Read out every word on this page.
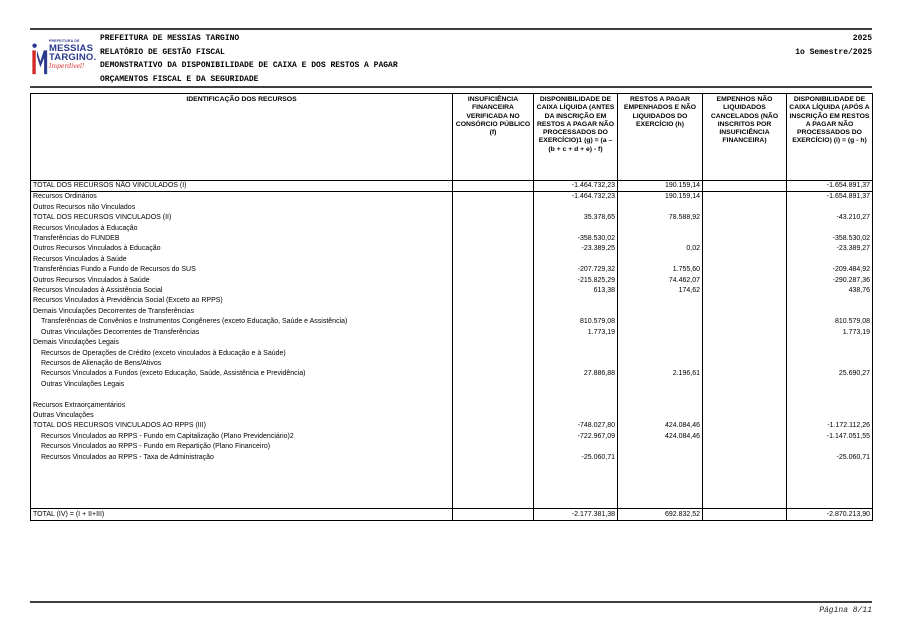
PREFEITURA DE
MESSIAS
TARGINO.
Imperdível!
PREFEITURA DE MESSIAS TARGINO
RELATÓRIO DE GESTÃO FISCAL
DEMONSTRATIVO DA DISPONIBILIDADE DE CAIXA E DOS RESTOS A PAGAR
ORÇAMENTOS FISCAL E DA SEGURIDADE
2025
1o Semestre/2025
IDENTIFICAÇÃO DOS RECURSOS	INSUFICIÊNCIA FINANCEIRA VERIFICADA NO CONSÓRCIO PÚBLICO (f)	DISPONIBILIDADE DE CAIXA LÍQUIDA (ANTES DA INSCRIÇÃO EM RESTOS A PAGAR NÃO PROCESSADOS DO EXERCÍCIO)1 (g) = (a – (b + c + d + e) - f)	RESTOS A PAGAR EMPENHADOS E NÃO LIQUIDADOS DO EXERCÍCIO (h)	EMPENHOS NÃO LIQUIDADOS CANCELADOS (NÃO INSCRITOS POR INSUFICIÊNCIA FINANCEIRA)	DISPONIBILIDADE DE CAIXA LÍQUIDA (APÓS A INSCRIÇÃO EM RESTOS A PAGAR NÃO PROCESSADOS DO EXERCÍCIO) (i) = (g - h)
TOTAL DOS RECURSOS NÃO VINCULADOS (I)		-1.464.732,23	190.159,14		-1.654.891,37
Recursos Ordinários		-1.464.732,23	190.159,14		-1.654.891,37
Outros Recursos não Vinculados					
TOTAL DOS RECURSOS VINCULADOS (II)		35.378,65	78.588,92		-43.210,27
Recursos Vinculados à Educação					
Transferências do FUNDEB		-358.530,02			-358.530,02
Outros Recursos Vinculados à Educação		-23.389,25	0,02		-23.389,27
Recursos Vinculados à Saúde					
Transferências Fundo a Fundo de Recursos do SUS		-207.729,32	1.755,60		-209.484,92
Outros Recursos Vinculados à Saúde		-215.825,29	74.462,07		-290.287,36
Recursos Vinculados à Assistência Social		613,38	174,62		438,76
Recursos Vinculados à Previdência Social (Exceto ao RPPS)					
Demais Vinculações Decorrentes de Transferências					
Transferências de Convênios e Instrumentos Congêneres (exceto Educação, Saúde e Assistência)		810.579,08			810.579,08
Outras Vinculações Decorrentes de Transferências		1.773,19			1.773,19
Demais Vinculações Legais					
Recursos de Operações de Crédito (exceto vinculados à Educação e à Saúde)					
Recursos de Alienação de Bens/Ativos					
Recursos Vinculados a Fundos (exceto Educação, Saúde, Assistência e Previdência)		27.886,88	2.196,61		25.690,27
Outras Vinculações Legais					

Recursos Extraorçamentários					
Outras Vinculações					
TOTAL DOS RECURSOS VINCULADOS AO RPPS (III)		-748.027,80	424.084,46		-1.172.112,26
Recursos Vinculados ao RPPS - Fundo em Capitalização (Plano Previdenciário)2		-722.967,09	424.084,46		-1.147.051,55
Recursos Vinculados ao RPPS - Fundo em Repartição (Plano Financeiro)					
Recursos Vinculados ao RPPS - Taxa de Administração		-25.060,71			-25.060,71

TOTAL (IV) = (I + II+III)		-2.177.381,38	692.832,52		-2.870.213,90
Página 8/11
